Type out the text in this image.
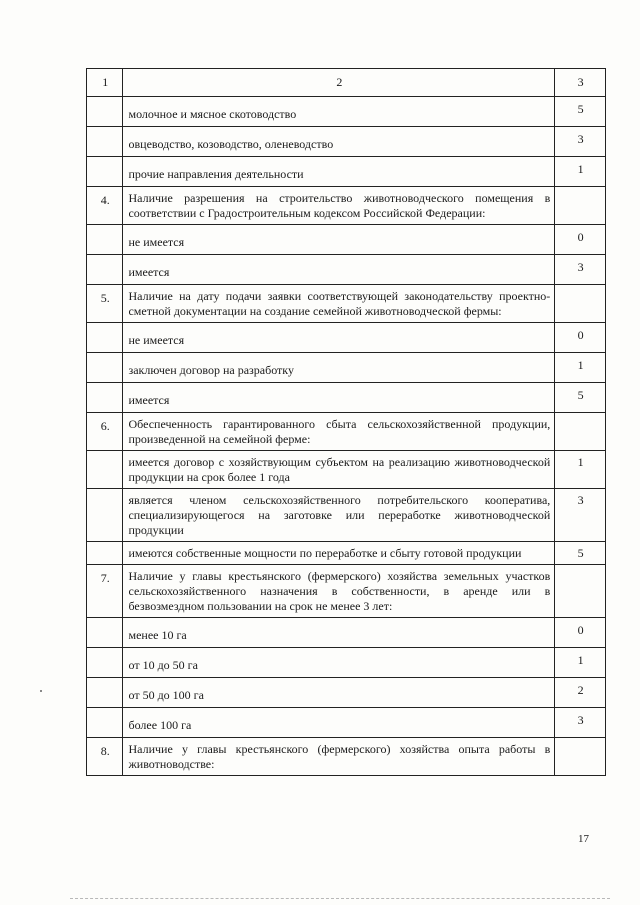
1	2	3
	молочное и мясное скотоводство	5
	овцеводство, козоводство, оленеводство	3
	прочие направления деятельности	1
4.	Наличие разрешения на строительство животноводческого помещения в соответствии с Градостроительным кодексом Российской Федерации:	
	не имеется	0
	имеется	3
5.	Наличие на дату подачи заявки соответствующей законодательству проектно-сметной документации на создание семейной животноводческой фермы:	
	не имеется	0
	заключен договор на разработку	1
	имеется	5
6.	Обеспеченность гарантированного сбыта сельскохозяйственной продукции, произведенной на семейной ферме:	
	имеется договор с хозяйствующим субъектом на реализацию животноводческой продукции на срок более 1 года	1
	является членом сельскохозяйственного потребительского кооператива, специализирующегося на заготовке или переработке животноводческой продукции	3
	имеются собственные мощности по переработке и сбыту готовой продукции	5
7.	Наличие у главы крестьянского (фермерского) хозяйства земельных участков сельскохозяйственного назначения в собственности, в аренде или в безвозмездном пользовании на срок не менее 3 лет:	
	менее 10 га	0
	от 10 до 50 га	1
	от 50 до 100 га	2
	более 100 га	3
8.	Наличие у главы крестьянского (фермерского) хозяйства опыта работы в животноводстве:	
17
